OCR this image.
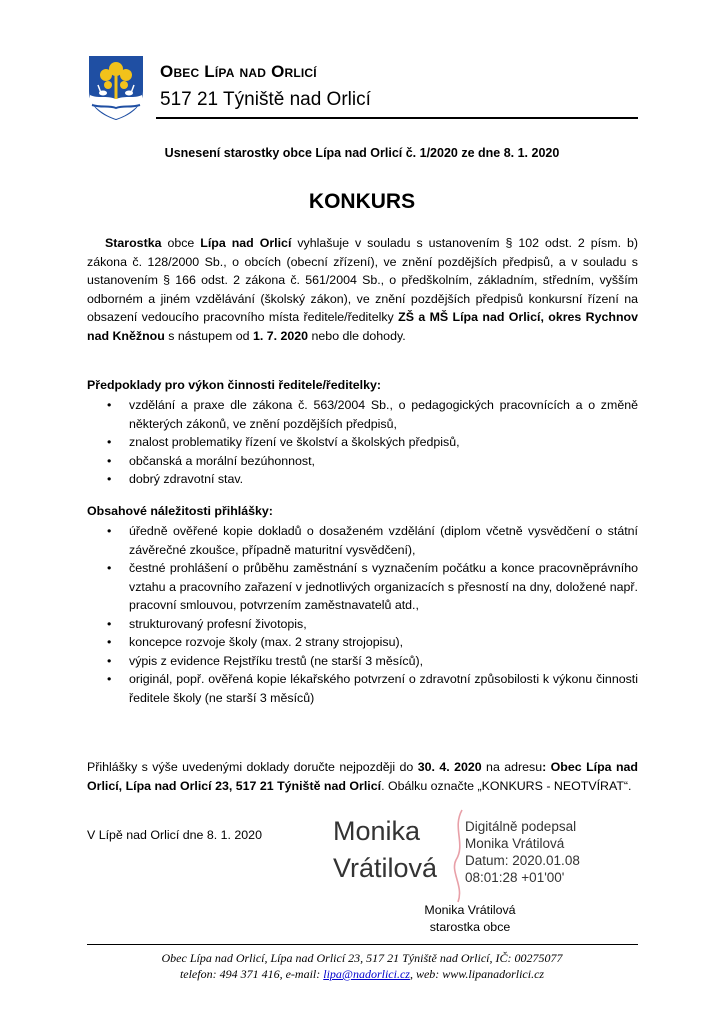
Obec Lípa nad Orlicí
517 21 Týniště nad Orlicí
Usnesení starostky obce Lípa nad Orlicí č. 1/2020 ze dne 8. 1. 2020
KONKURS

Starostka obce Lípa nad Orlicí vyhlašuje v souladu s ustanovením § 102 odst. 2 písm. b) zákona č. 128/2000 Sb., o obcích (obecní zřízení), ve znění pozdějších předpisů, a v souladu s ustanovením § 166 odst. 2 zákona č. 561/2004 Sb., o předškolním, základním, středním, vyšším odborném a jiném vzdělávání (školský zákon), ve znění pozdějších předpisů konkursní řízení na obsazení vedoucího pracovního místa ředitele/ředitelky ZŠ a MŠ Lípa nad Orlicí, okres Rychnov nad Kněžnou s nástupem od 1. 7. 2020 nebo dle dohody.

Předpoklady pro výkon činnosti ředitele/ředitelky:

• vzdělání a praxe dle zákona č. 563/2004 Sb., o pedagogických pracovnících a o změně některých zákonů, ve znění pozdějších předpisů,
• znalost problematiky řízení ve školství a školských předpisů,
• občanská a morální bezúhonnost,
• dobrý zdravotní stav.

Obsahové náležitosti přihlášky:

• úředně ověřené kopie dokladů o dosaženém vzdělání (diplom včetně vysvědčení o státní závěrečné zkoušce, případně maturitní vysvědčení),
• čestné prohlášení o průběhu zaměstnání s vyznačením počátku a konce pracovněprávního vztahu a pracovního zařazení v jednotlivých organizacích s přesností na dny, doložené např. pracovní smlouvou, potvrzením zaměstnavatelů atd.,
• strukturovaný profesní životopis,
• koncepce rozvoje školy (max. 2 strany strojopisu),
• výpis z evidence Rejstříku trestů (ne starší 3 měsíců),
• originál, popř. ověřená kopie lékařského potvrzení o zdravotní způsobilosti k výkonu činnosti ředitele školy (ne starší 3 měsíců)

Přihlášky s výše uvedenými doklady doručte nejpozději do 30. 4. 2020 na adresu: Obec Lípa nad Orlicí, Lípa nad Orlicí 23, 517 21 Týniště nad Orlicí. Obálku označte „KONKURS - NEOTVÍRAT“.

V Lípě nad Orlicí dne 8. 1. 2020	Monika
Vrátilová
Digitálně podepsal
Monika Vrátilová
Datum: 2020.01.08
08:01:28 +01'00'
Monika Vrátilová
starostka obce
Obec Lípa nad Orlicí, Lípa nad Orlicí 23, 517 21 Týniště nad Orlicí, IČ: 00275077
telefon: 494 371 416, e-mail: lipa@nadorlici.cz, web: www.lipanadorlici.cz
